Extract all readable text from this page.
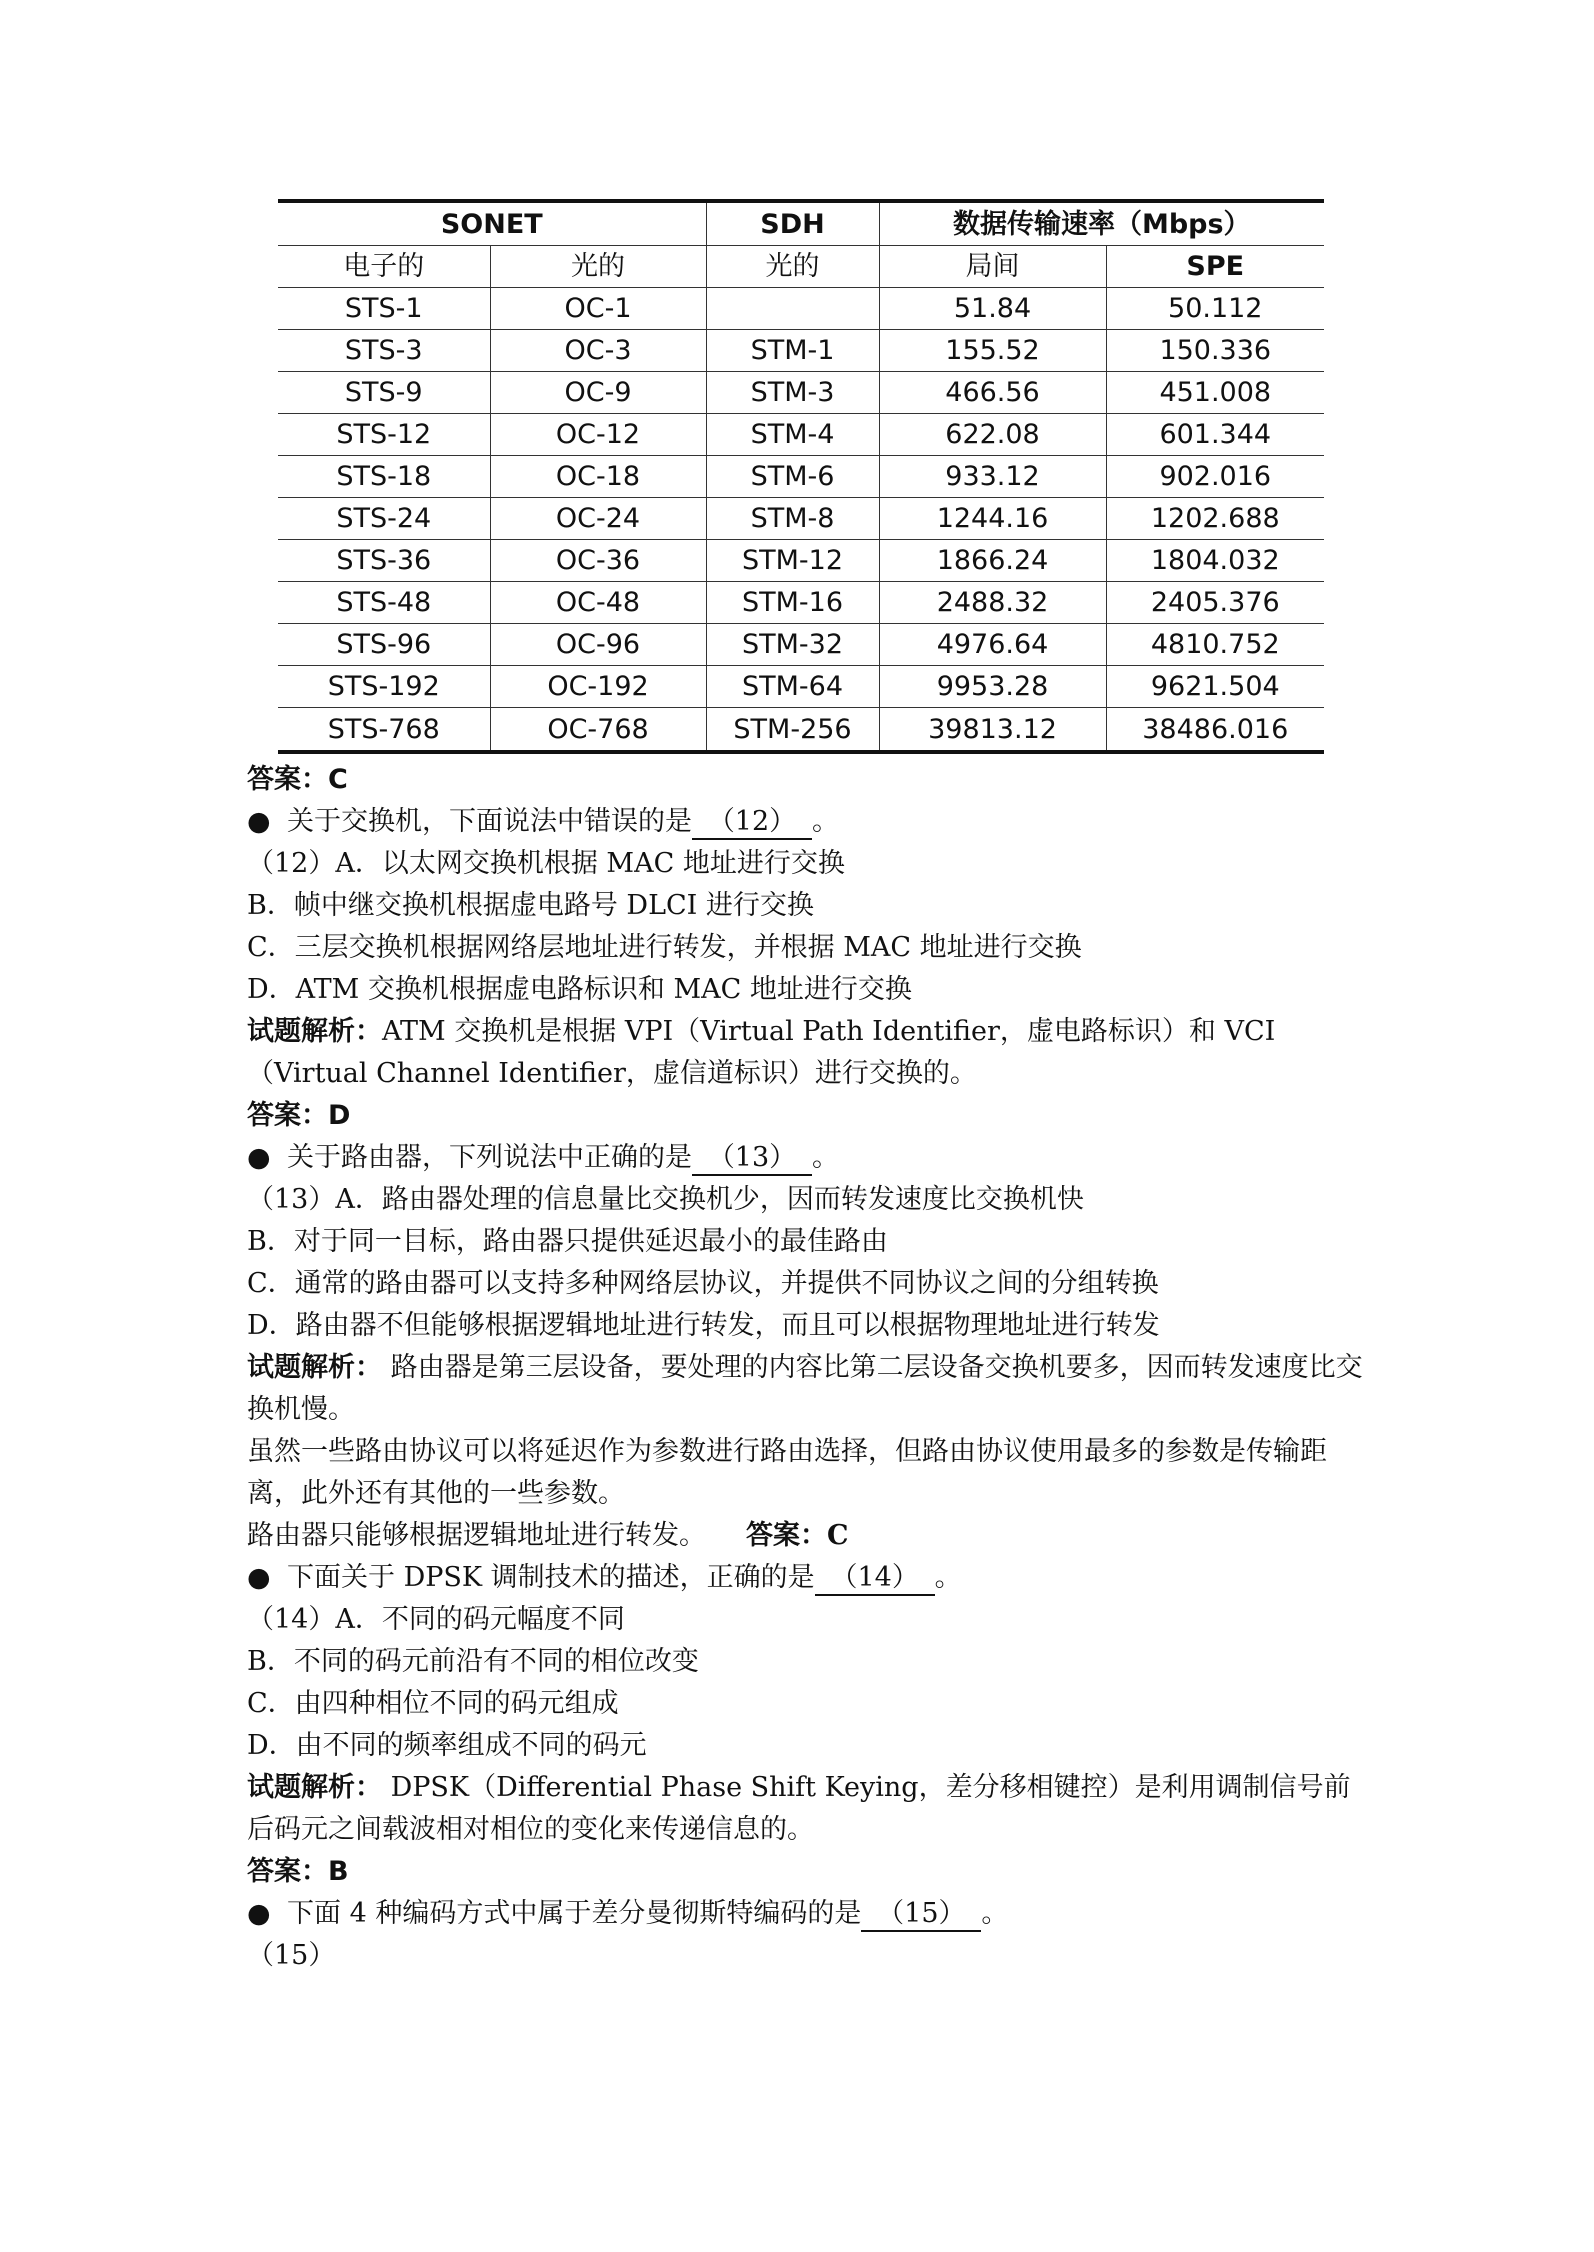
SONET		SDH	数据传输速率（Mbps）	
电子的	光的	光的	局间	SPE
STS-1	OC-1		51.84	50.112
STS-3	OC-3	STM-1	155.52	150.336
STS-9	OC-9	STM-3	466.56	451.008
STS-12	OC-12	STM-4	622.08	601.344
STS-18	OC-18	STM-6	933.12	902.016
STS-24	OC-24	STM-8	1244.16	1202.688
STS-36	OC-36	STM-12	1866.24	1804.032
STS-48	OC-48	STM-16	2488.32	2405.376
STS-96	OC-96	STM-32	4976.64	4810.752
STS-192	OC-192	STM-64	9953.28	9621.504
STS-768	OC-768	STM-256	39813.12	38486.016
答案：C
● 关于交换机，下面说法中错误的是 （12） 。
（12）A．以太网交换机根据 MAC 地址进行交换
B．帧中继交换机根据虚电路号 DLCI 进行交换
C．三层交换机根据网络层地址进行转发，并根据 MAC 地址进行交换
D．ATM 交换机根据虚电路标识和 MAC 地址进行交换
试题解析：ATM 交换机是根据 VPI（Virtual Path Identifier，虚电路标识）和 VCI（Virtual Channel Identifier，虚信道标识）进行交换的。
答案：D
● 关于路由器，下列说法中正确的是 （13） 。
（13）A．路由器处理的信息量比交换机少，因而转发速度比交换机快
B．对于同一目标，路由器只提供延迟最小的最佳路由
C．通常的路由器可以支持多种网络层协议，并提供不同协议之间的分组转换
D．路由器不但能够根据逻辑地址进行转发，而且可以根据物理地址进行转发
试题解析： 路由器是第三层设备，要处理的内容比第二层设备交换机要多，因而转发速度比交换机慢。
虽然一些路由协议可以将延迟作为参数进行路由选择，但路由协议使用最多的参数是传输距离，此外还有其他的一些参数。
路由器只能够根据逻辑地址进行转发。 答案：C
● 下面关于 DPSK 调制技术的描述，正确的是 （14） 。
（14）A．不同的码元幅度不同
B．不同的码元前沿有不同的相位改变
C．由四种相位不同的码元组成
D．由不同的频率组成不同的码元
试题解析： DPSK（Differential Phase Shift Keying，差分移相键控）是利用调制信号前后码元之间载波相对相位的变化来传递信息的。
答案：B
● 下面 4 种编码方式中属于差分曼彻斯特编码的是 （15） 。
（15）
